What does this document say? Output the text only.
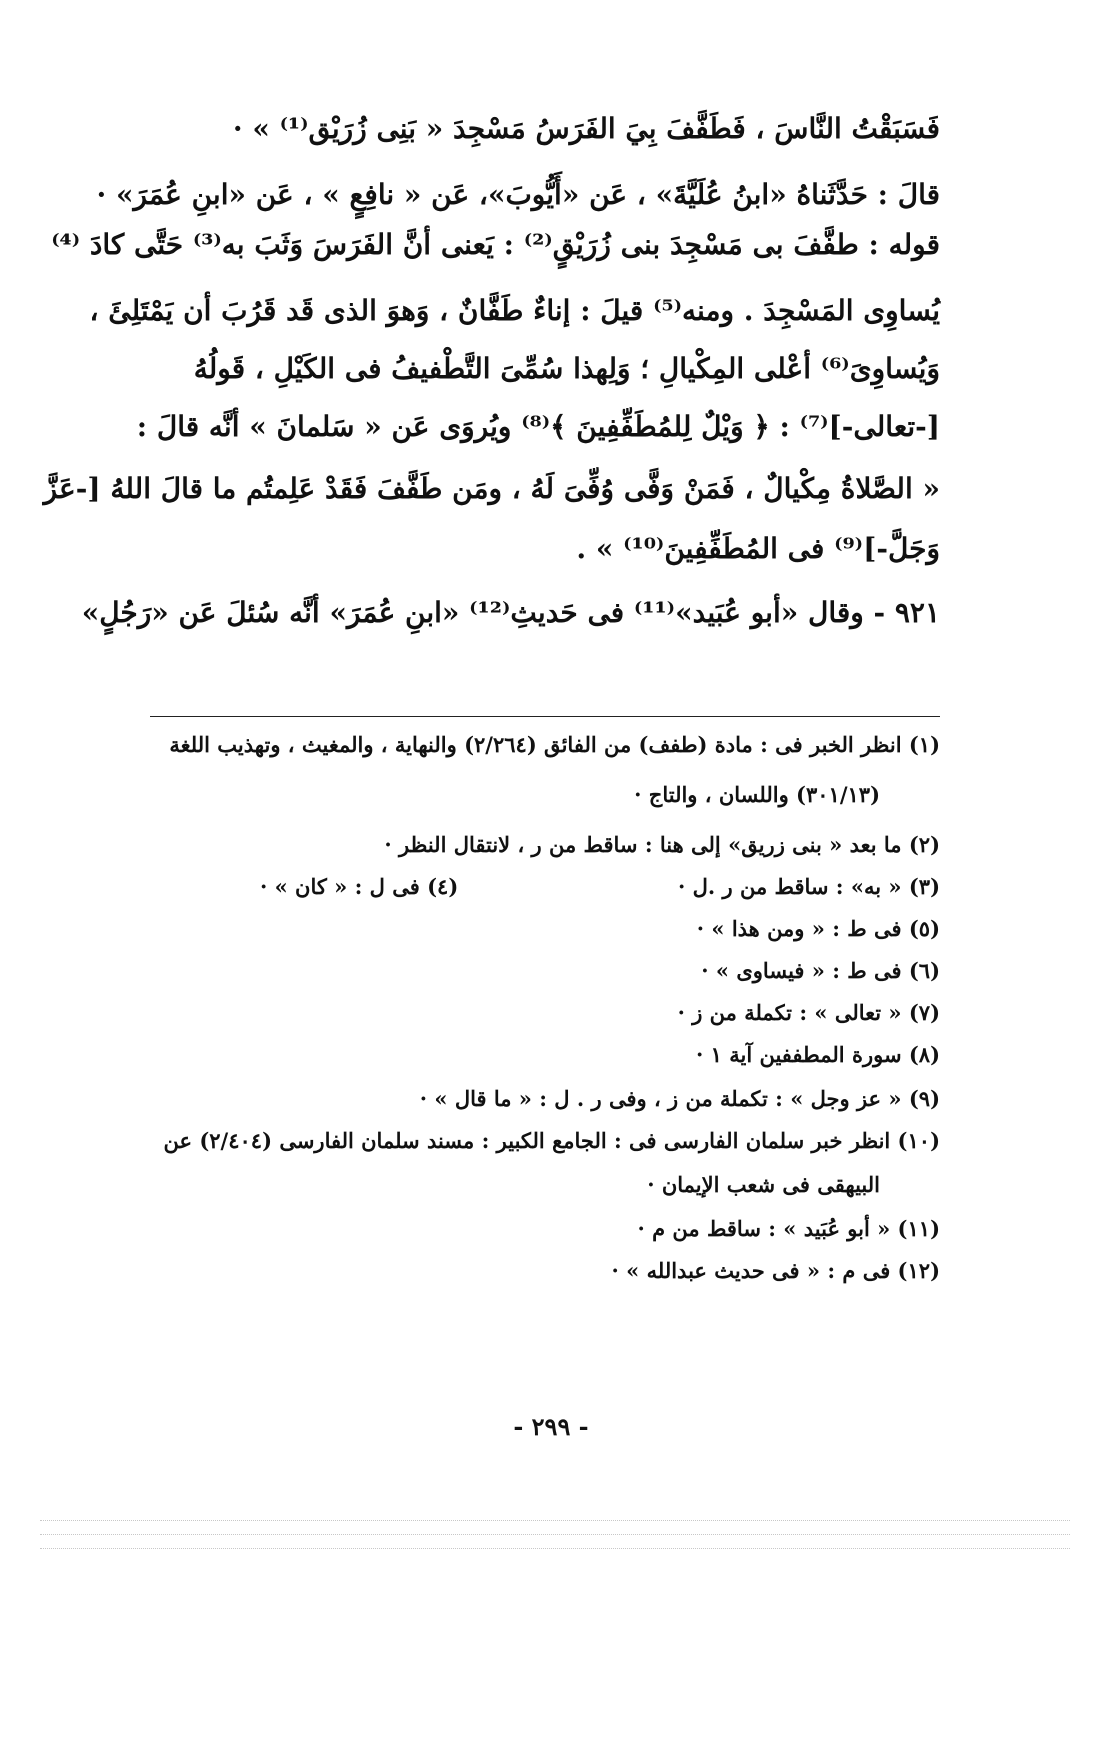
فَسَبَقْتُ النَّاسَ ، فَطَفَّفَ بِيَ الفَرَسُ مَسْجِدَ « بَنِى زُرَيْق⁽¹⁾ » ·
قالَ : حَدَّثَناهُ «ابنُ عُلَيَّةَ» ، عَن «أَيُّوبَ»، عَن « نافِعٍ » ، عَن «ابنِ عُمَرَ» ·
قوله : طفَّفَ بى مَسْجِدَ بنى زُرَيْقٍ⁽²⁾ : يَعنى أنَّ الفَرَسَ وَثَبَ به⁽³⁾ حَتَّى كادَ ⁽⁴⁾
يُساوِى المَسْجِدَ . ومنه⁽⁵⁾ قيلَ : إناءٌ طَفَّانٌ ، وَهوَ الذى قَد قَرُبَ أن يَمْتَلِئَ ،
وَيُساوِىَ⁽⁶⁾ أعْلى المِكْيالِ ؛ وَلِهذا سُمِّىَ التَّطْفيفُ فى الكَيْلِ ، قَولُهُ
[-تعالى-]⁽⁷⁾ : ﴿ وَيْلٌ لِلمُطَفِّفِينَ ﴾⁽⁸⁾ ويُروَى عَن « سَلمانَ » أنَّه قالَ :
« الصَّلاةُ مِكْيالٌ ، فَمَنْ وَفَّى وُفِّىَ لَهُ ، ومَن طَفَّفَ فَقَدْ عَلِمتُم ما قالَ اللهُ [-عَزَّ
وَجَلَّ-]⁽⁹⁾ فى المُطَفِّفِينَ⁽¹⁰⁾ » .
٩٢١ - وقال «أبو عُبَيد»⁽¹¹⁾ فى حَديثِ⁽¹²⁾ «ابنِ عُمَرَ» أنَّه سُئلَ عَن «رَجُلٍ»
(١) انظر الخبر فى : مادة (طفف) من الفائق (٢/٢٦٤) والنهاية ، والمغيث ، وتهذيب اللغة
(٣٠١/١٣) واللسان ، والتاج ·
(٢) ما بعد « بنى زريق» إلى هنا : ساقط من ر ، لانتقال النظر ·
(٣) « به» : ساقط من ر .ل ·
(٤) فى ل : « كان » ·
(٥) فى ط : « ومن هذا » ·
(٦) فى ط : « فيساوى » ·
(٧) « تعالى » : تكملة من ز ·
(٨) سورة المطففين آية ١ ·
(٩) « عز وجل » : تكملة من ز ، وفى ر . ل : « ما قال » ·
(١٠) انظر خبر سلمان الفارسى فى : الجامع الكبير : مسند سلمان الفارسى (٢/٤٠٤) عن
البيهقى فى شعب الإيمان ·
(١١) « أبو عُبَيد » : ساقط من م ·
(١٢) فى م : « فى حديث عبدالله » ·
- ٢٩٩ -
